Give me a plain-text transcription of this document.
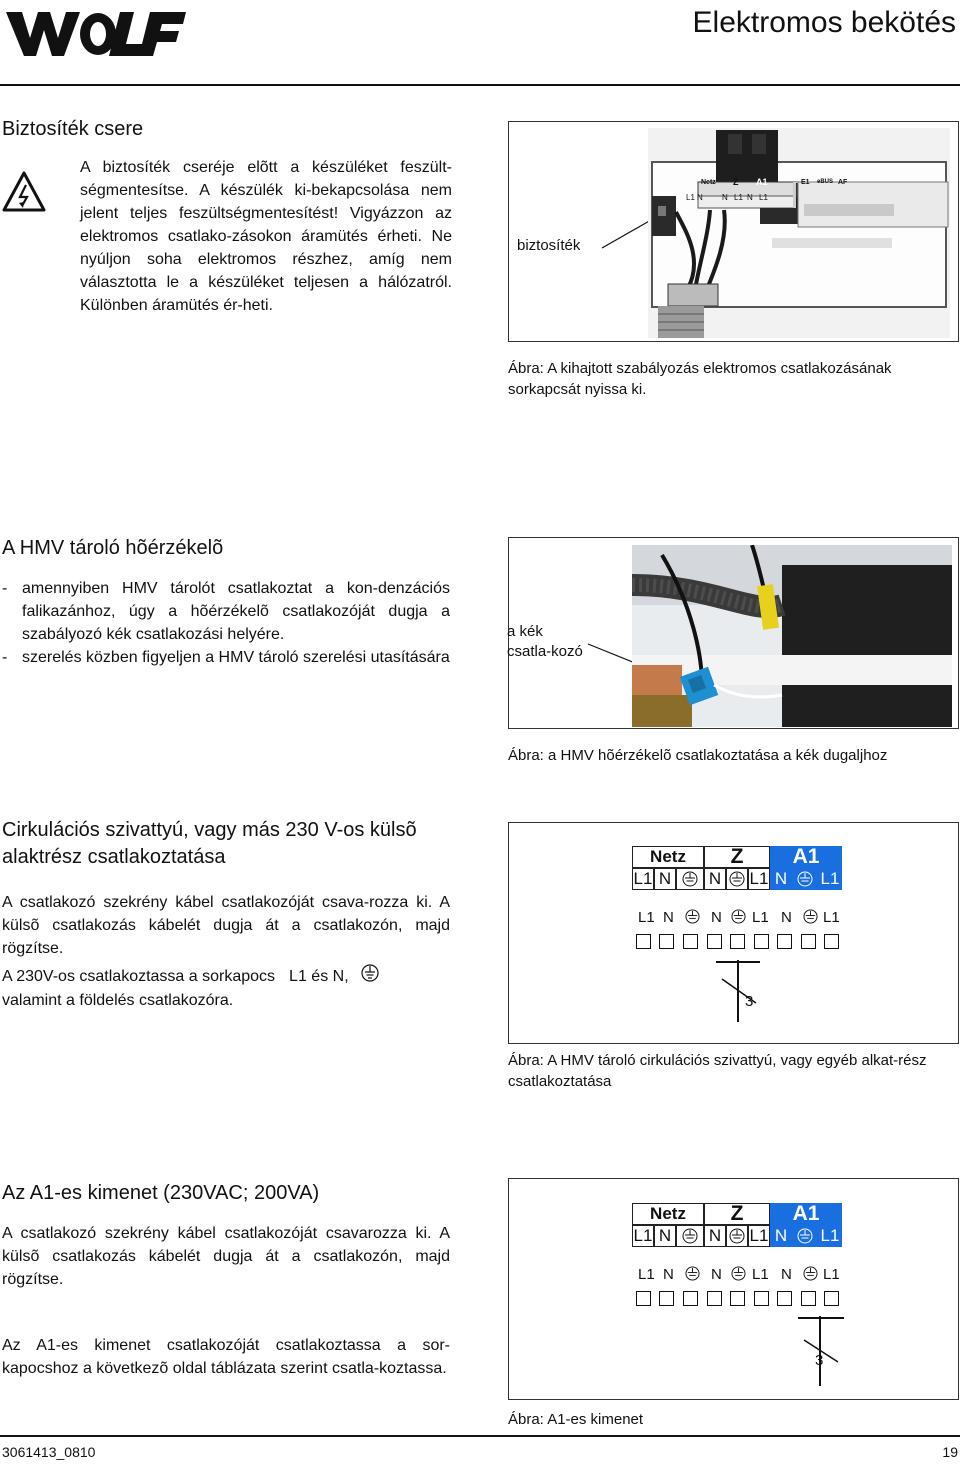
Elektromos bekötés
Biztosíték csere
A biztosíték cseréje elõtt a készüléket feszült-ségmentesítse. A készülék ki-bekapcsolása nem jelent teljes feszültségmentesítést! Vigyázzon az elektromos csatlako-zásokon áramütés érheti. Ne nyúljon soha elektromos részhez, amíg nem választotta le a készüléket teljesen a hálózatról. Különben áramütés ér-heti.
biztosíték
Netz Z A1	E1 eBUS AF
L1 N N L1 N L1
Ábra: A kihajtott szabályozás elektromos csatlakozásának sorkapcsát nyissa ki.
A HMV tároló hõérzékelõ
- amennyiben HMV tárolót csatlakoztat a kon-denzációs falikazánhoz, úgy a hõérzékelõ csatlakozóját dugja a szabályozó kék csatlakozási helyére.
- szerelés közben figyeljen a HMV tároló szerelési utasítására
a kék csatla-kozó
Ábra: a HMV hõérzékelõ csatlakoztatása a kék dugaljhoz
Cirkulációs szivattyú, vagy más 230 V-os külsõ alaktrész csatlakoztatása
A csatlakozó szekrény kábel csatlakozóját csava-rozza ki. A külsõ csatlakozás kábelét dugja át a csatlakozón, majd rögzítse.
A 230V-os csatlakoztassa a sorkapocs L1 és N,
valamint a földelés csatlakozóra.
Netz	Z	A1
L1 N N L1 N L1
L1 N N L1 N L1
3
Ábra: A HMV tároló cirkulációs szivattyú, vagy egyéb alkat-rész csatlakoztatása
Az A1-es kimenet (230VAC; 200VA)
A csatlakozó szekrény kábel csatlakozóját csavarozza ki. A külsõ csatlakozás kábelét dugja át a csatlakozón, majd rögzítse.
Az A1-es kimenet csatlakozóját csatlakoztassa a sor-kapocshoz a következõ oldal táblázata szerint csatla-koztassa.
Netz	Z	A1
L1 N N L1 N L1
L1 N N L1 N L1
3
Ábra: A1-es kimenet
3061413_0810	19
